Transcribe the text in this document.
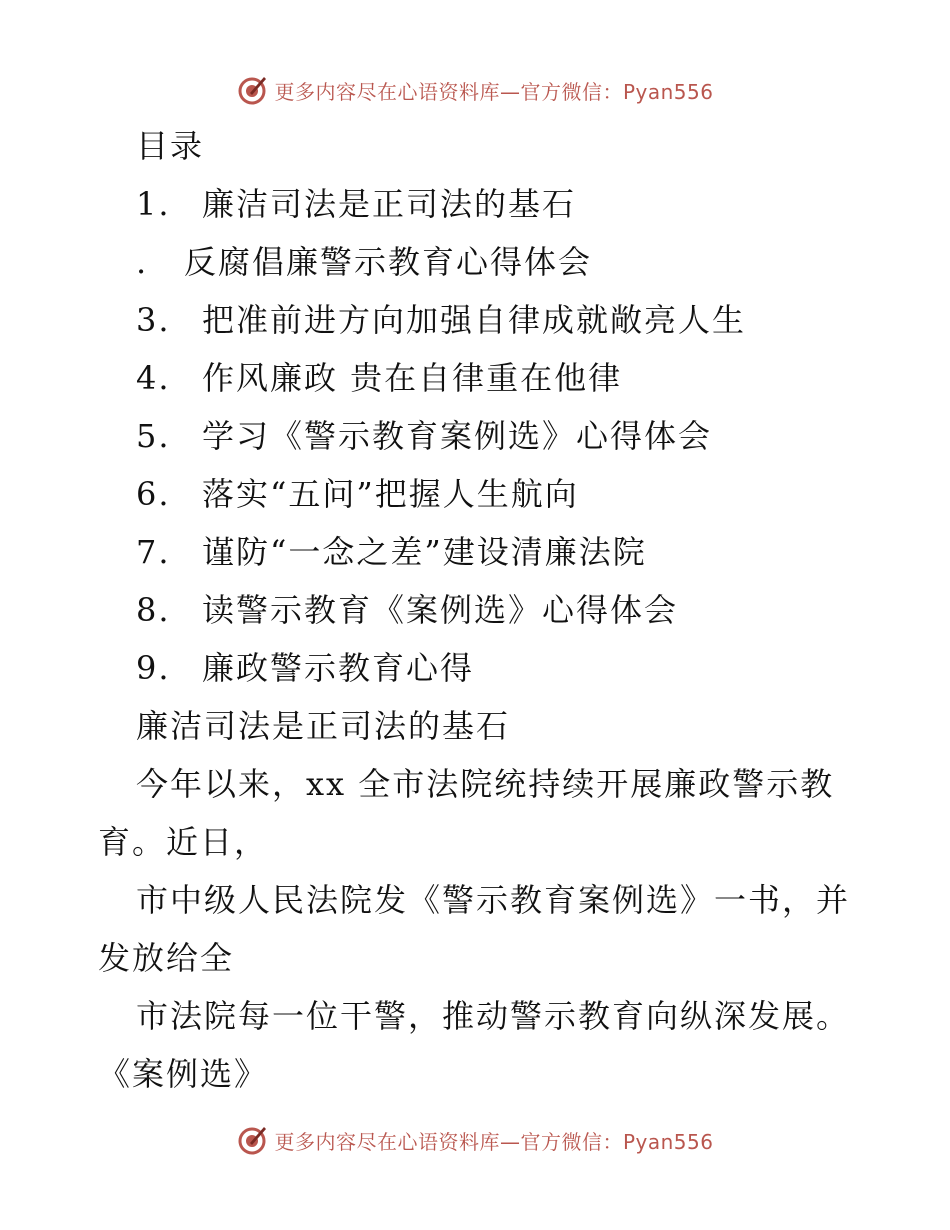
更多内容尽在心语资料库—官方微信：Pyan556
目录
1. 廉洁司法是正司法的基石
. 反腐倡廉警示教育心得体会
3. 把准前进方向加强自律成就敞亮人生
4. 作风廉政 贵在自律重在他律
5. 学习《警示教育案例选》心得体会
6. 落实“五问”把握人生航向
7. 谨防“一念之差”建设清廉法院
8. 读警示教育《案例选》心得体会
9. 廉政警示教育心得
廉洁司法是正司法的基石
今年以来，xx 全市法院统持续开展廉政警示教
育。近日，
市中级人民法院发《警示教育案例选》一书，并
发放给全
市法院每一位干警，推动警示教育向纵深发展。
《案例选》
更多内容尽在心语资料库—官方微信：Pyan556
